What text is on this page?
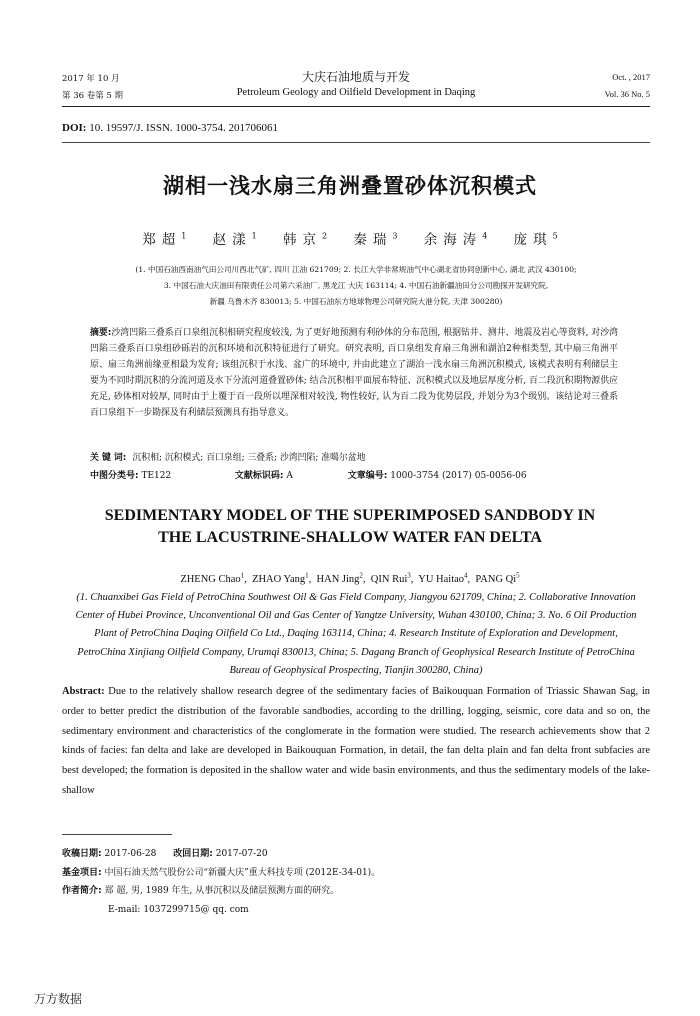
2017 年 10 月
第 36 卷第 5 期
大庆石油地质与开发
Petroleum Geology and Oilfield Development in Daqing
Oct. , 2017
Vol. 36 No. 5
DOI: 10. 19597/J. ISSN. 1000-3754. 201706061
湖相一浅水扇三角洲叠置砂体沉积模式
郑超$^1$ 赵漾$^1$ 韩京$^2$ 秦瑞$^3$ 余海涛$^4$ 庞琪$^5$
(1. 中国石油西南油气田公司川西北气矿, 四川 江油 621709; 2. 长江大学非常规油气中心湖北省协同创新中心, 湖北 武汉 430100;
3. 中国石油大庆油田有限责任公司第六采油厂, 黑龙江 大庆 163114; 4. 中国石油新疆油田分公司勘探开发研究院,
新疆 乌鲁木齐 830013; 5. 中国石油东方地球物理公司研究院大港分院, 天津 300280)
摘要:沙湾凹陷三叠系百口泉组沉积相研究程度较浅, 为了更好地预测有利砂体的分布范围, 根据钻井、测井、地震及岩心等资料, 对沙湾凹陷三叠系百口泉组砂砾岩的沉积环境和沉积特征进行了研究。研究表明, 百口泉组发育扇三角洲和湖泊2种相类型, 其中扇三角洲平原、扇三角洲前缘亚相最为发育; 该组沉积于水浅、盆广的环境中, 并由此建立了湖泊一浅水扇三角洲沉积模式, 该模式表明有利储层主要为不同时期沉积的分流河道及水下分流河道叠置砂体; 结合沉积相平面展布特征、沉积模式以及地层厚度分析, 百二段沉积期物源供应充足, 砂体相对较厚, 同时由于上覆于百一段所以埋深相对较浅, 物性较好, 认为百二段为优势层段, 并划分为3个级别。该结论对三叠系百口泉组下一步勘探及有利储层预测具有指导意义。
关 键 词: 沉积相; 沉积模式; 百口泉组; 三叠系; 沙湾凹陷; 准噶尔盆地
中图分类号: TE122	文献标识码: A	文章编号: 1000-3754 (2017) 05-0056-06
SEDIMENTARY MODEL OF THE SUPERIMPOSED SANDBODY IN
THE LACUSTRINE-SHALLOW WATER FAN DELTA
ZHENG Chao$^1$,  ZHAO Yang$^1$,  HAN Jing$^2$,  QIN Rui$^3$,  YU Haitao$^4$,  PANG Qi$^5$
(1. Chuanxibei Gas Field of PetroChina Southwest Oil & Gas Field Company, Jiangyou 621709, China; 2. Collaborative Innovation Center of Hubei Province, Unconventional Oil and Gas Center of Yangtze University, Wuhan 430100, China; 3. No. 6 Oil Production Plant of PetroChina Daqing Oilfield Co Ltd., Daqing 163114, China; 4. Research Institute of Exploration and Development, PetroChina Xinjiang Oilfield Company, Urumqi 830013, China; 5. Dagang Branch of Geophysical Research Institute of PetroChina Bureau of Geophysical Prospecting, Tianjin 300280, China)
Abstract: Due to the relatively shallow research degree of the sedimentary facies of Baikouquan Formation of Triassic Shawan Sag, in order to better predict the distribution of the favorable sandbodies, according to the drilling, logging, seismic, core data and so on, the sedimentary environment and characteristics of the conglomerate in the formation were studied. The research achievements show that 2 kinds of facies: fan delta and lake are developed in Baikouquan Formation, in detail, the fan delta plain and fan delta front subfacies are best developed; the formation is deposited in the shallow water and wide basin environments, and thus the sedimentary models of the lake-shallow
收稿日期: 2017-06-28 改回日期: 2017-07-20
基金项目: 中国石油天然气股份公司“新疆大庆”重大科技专项 (2012E-34-01)。
作者简介: 郑 超, 男, 1989 年生, 从事沉积以及储层预测方面的研究。
E-mail: 1037299715@ qq. com
万方数据
